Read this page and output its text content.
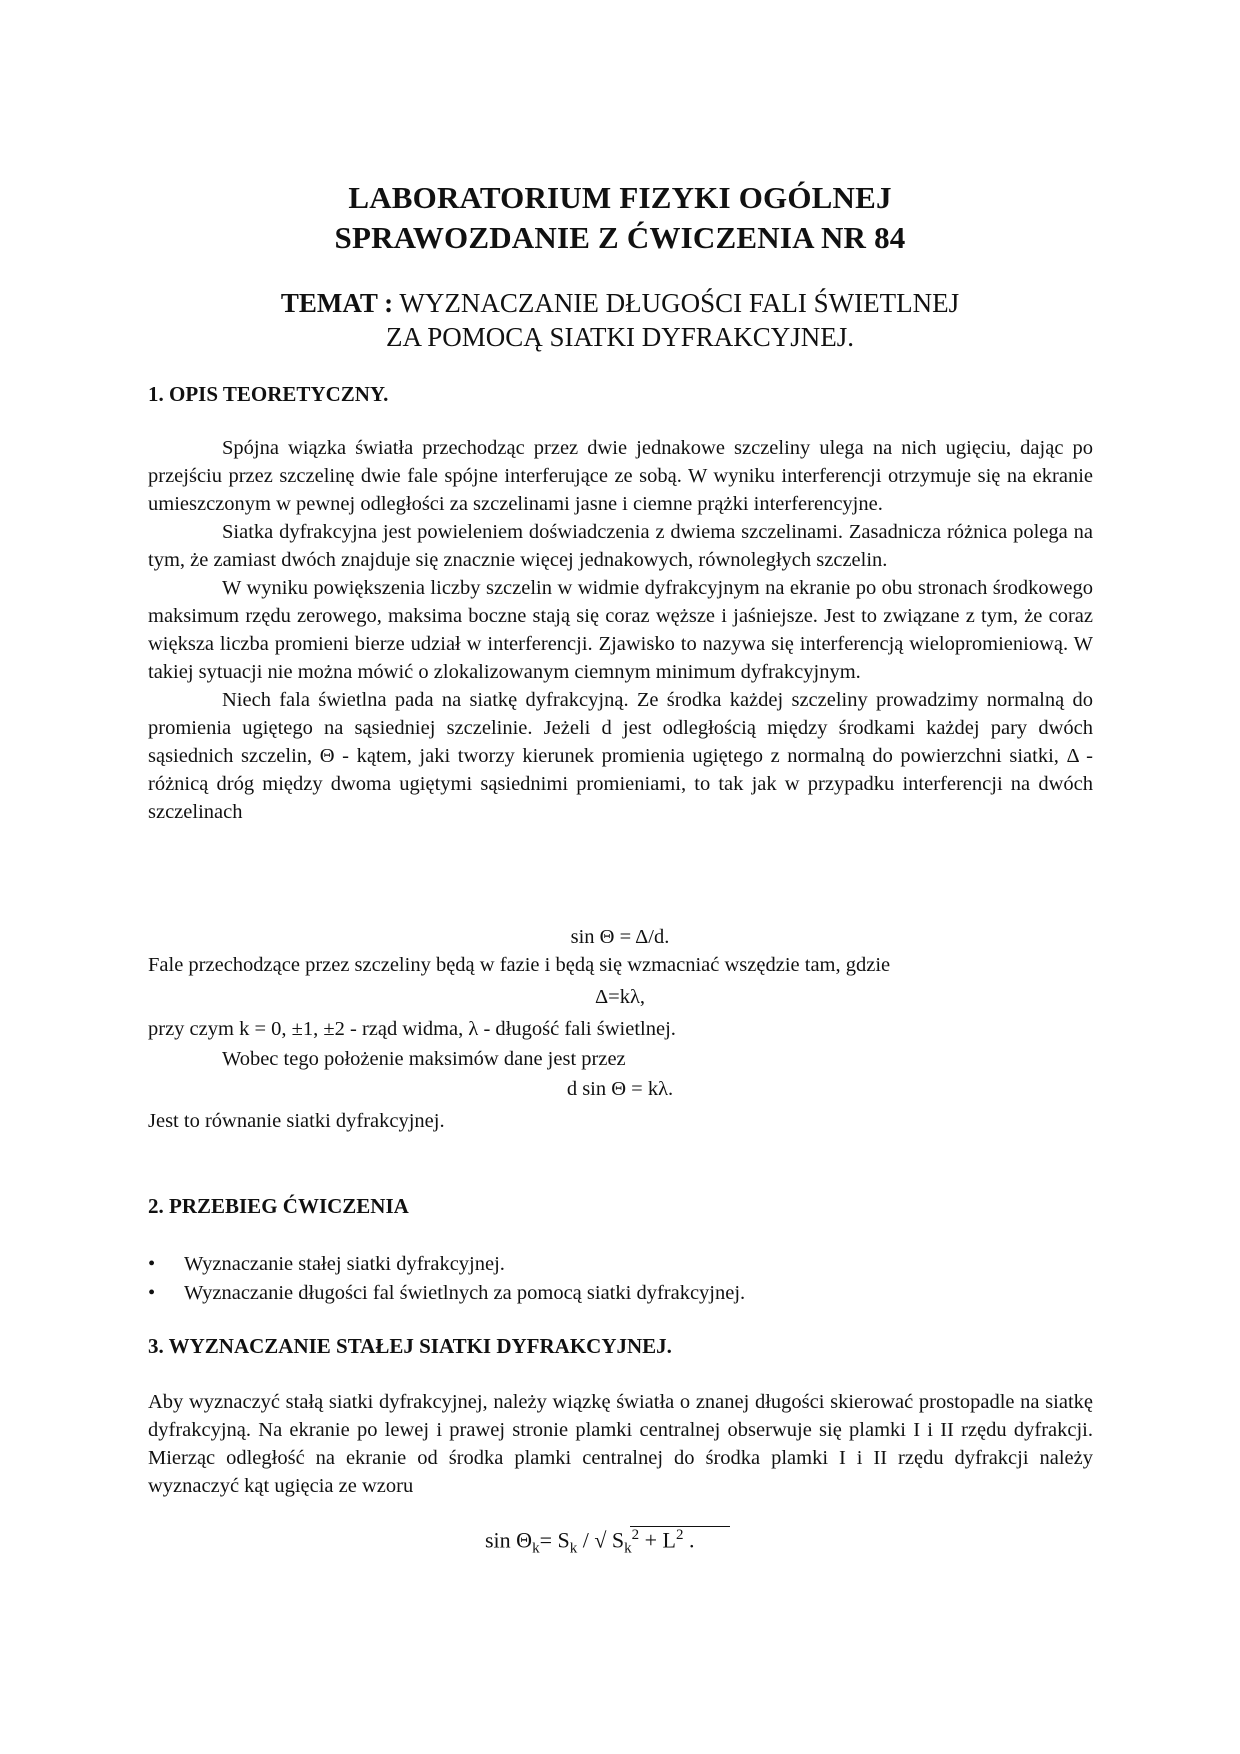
LABORATORIUM FIZYKI OGÓLNEJ
SPRAWOZDANIE Z ĆWICZENIA NR 84
TEMAT : WYZNACZANIE DŁUGOŚCI FALI ŚWIETLNEJ
ZA POMOCĄ SIATKI DYFRAKCYJNEJ.
1. OPIS TEORETYCZNY.

Spójna wiązka światła przechodząc przez dwie jednakowe szczeliny ulega na nich ugięciu, dając po przejściu przez szczelinę dwie fale spójne interferujące ze sobą. W wyniku interferencji otrzymuje się na ekranie umieszczonym w pewnej odległości za szczelinami jasne i ciemne prążki interferencyjne.

Siatka dyfrakcyjna jest powieleniem doświadczenia z dwiema szczelinami. Zasadnicza różnica polega na tym, że zamiast dwóch znajduje się znacznie więcej jednakowych, równoległych szczelin.

W wyniku powiększenia liczby szczelin w widmie dyfrakcyjnym na ekranie po obu stronach środkowego maksimum rzędu zerowego, maksima boczne stają się coraz węższe i jaśniejsze. Jest to związane z tym, że coraz większa liczba promieni bierze udział w interferencji. Zjawisko to nazywa się interferencją wielopromieniową. W takiej sytuacji nie można mówić o zlokalizowanym ciemnym minimum dyfrakcyjnym.

Niech fala świetlna pada na siatkę dyfrakcyjną. Ze środka każdej szczeliny prowadzimy normalną do promienia ugiętego na sąsiedniej szczelinie. Jeżeli d jest odległością między środkami każdej pary dwóch sąsiednich szczelin, Θ - kątem, jaki tworzy kierunek promienia ugiętego z normalną do powierzchni siatki, Δ - różnicą dróg między dwoma ugiętymi sąsiednimi promieniami, to tak jak w przypadku interferencji na dwóch szczelinach

sin Θ = Δ/d.
Fale przechodzące przez szczeliny będą w fazie i będą się wzmacniać wszędzie tam, gdzie
Δ=kλ,
przy czym k = 0, ±1, ±2 - rząd widma, λ - długość fali świetlnej.
Wobec tego położenie maksimów dane jest przez
d sin Θ = kλ.
Jest to równanie siatki dyfrakcyjnej.
2. PRZEBIEG ĆWICZENIA
•	Wyznaczanie stałej siatki dyfrakcyjnej.
•	Wyznaczanie długości fal świetlnych za pomocą siatki dyfrakcyjnej.
3. WYZNACZANIE STAŁEJ SIATKI DYFRAKCYJNEJ.

Aby wyznaczyć stałą siatki dyfrakcyjnej, należy wiązkę światła o znanej długości skierować prostopadle na siatkę dyfrakcyjną. Na ekranie po lewej i prawej stronie plamki centralnej obserwuje się plamki I i II rzędu dyfrakcji. Mierząc odległość na ekranie od środka plamki centralnej do środka plamki I i II rzędu dyfrakcji należy wyznaczyć kąt ugięcia ze wzoru

$\sin \Theta_k= S_k$ / √ $S_k^2 + L^2$ .
